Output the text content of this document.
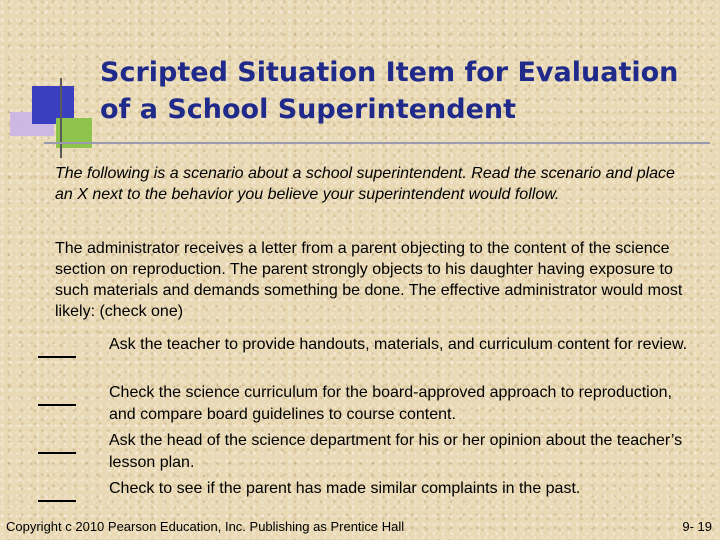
Scripted Situation Item for Evaluation of a School Superintendent

The following is a scenario about a school superintendent. Read the scenario and place an X next to the behavior you believe your superintendent would follow.

The administrator receives a letter from a parent objecting to the content of the science section on reproduction. The parent strongly objects to his daughter having exposure to such materials and demands something be done. The effective administrator would most likely: (check one)

Ask the teacher to provide handouts, materials, and curriculum content for review.
Check the science curriculum for the board-approved approach to reproduction, and compare board guidelines to course content.
Ask the head of the science department for his or her opinion about the teacher’s lesson plan.
Check to see if the parent has made similar complaints in the past.
Copyright c 2010 Pearson Education, Inc. Publishing as Prentice Hall	9- 19
